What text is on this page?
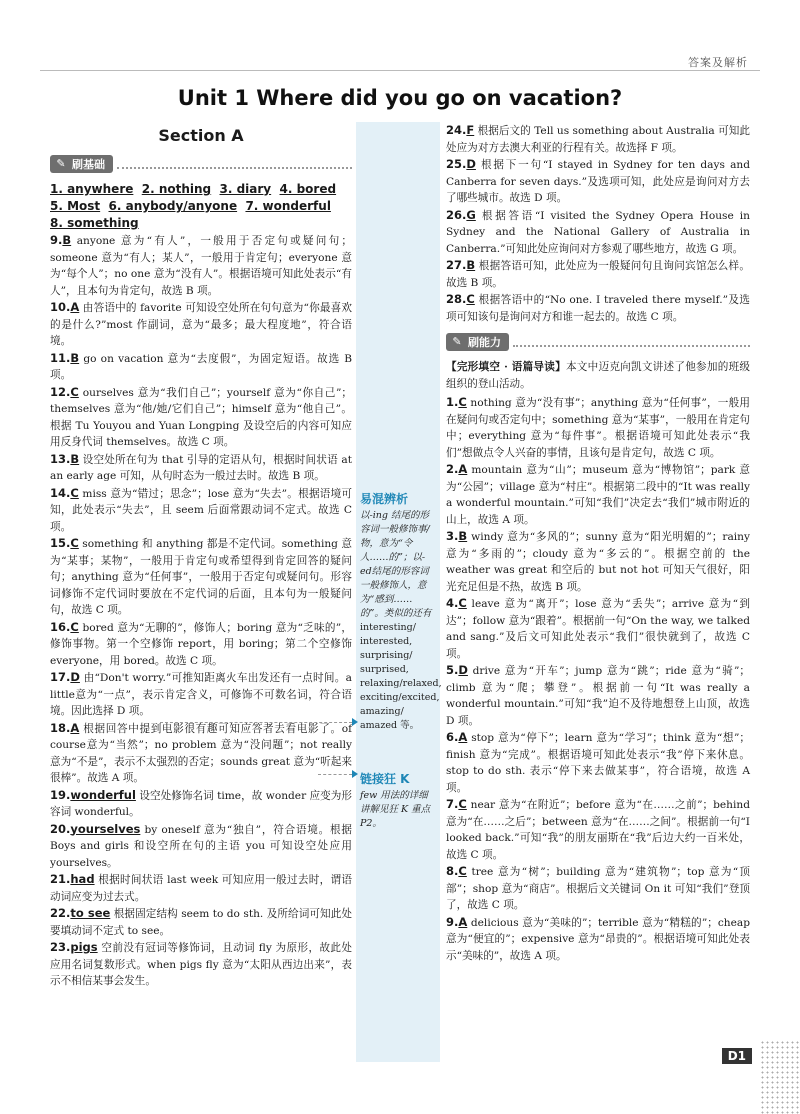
答案及解析
Unit 1 Where did you go on vacation?
Section A
✎ 刷基础
1. anywhere 2. nothing 3. diary 4. bored
5. Most 6. anybody/anyone 7. wonderful
8. something

9.B anyone 意为“有人”，一般用于否定句或疑问句；someone 意为“有人；某人”，一般用于肯定句；everyone 意为“每个人”；no one 意为“没有人”。根据语境可知此处表示“有人”，且本句为肯定句，故选 B 项。

10.A 由答语中的 favorite 可知设空处所在句句意为“你最喜欢的是什么?”most 作副词，意为“最多；最大程度地”，符合语境。

11.B go on vacation 意为“去度假”，为固定短语。故选 B 项。

12.C ourselves 意为“我们自己”；yourself 意为“你自己”；themselves 意为“他/她/它们自己”；himself 意为“他自己”。根据 Tu Youyou and Yuan Longping 及设空后的内容可知应用反身代词 themselves。故选 C 项。

13.B 设空处所在句为 that 引导的定语从句，根据时间状语 at an early age 可知，从句时态为一般过去时。故选 B 项。

14.C miss 意为“错过；思念”；lose 意为“失去”。根据语境可知，此处表示“失去”，且 seem 后面常跟动词不定式。故选 C 项。

15.C something 和 anything 都是不定代词。something 意为“某事；某物”，一般用于肯定句或希望得到肯定回答的疑问句；anything 意为“任何事”，一般用于否定句或疑问句。形容词修饰不定代词时要放在不定代词的后面，且本句为一般疑问句，故选 C 项。

16.C bored 意为“无聊的”，修饰人；boring 意为“乏味的”，修饰事物。第一个空修饰 report，用 boring；第二个空修饰 everyone，用 bored。故选 C 项。

17.D 由“Don't worry.”可推知距离火车出发还有一点时间。a little意为“一点”，表示肯定含义，可修饰不可数名词，符合语境。因此选择 D 项。

18.A 根据回答中提到电影很有趣可知应答者去看电影了。of course意为“当然”；no problem 意为“没问题”；not really 意为“不是”，表示不太强烈的否定；sounds great 意为“听起来很棒”。故选 A 项。

19.wonderful 设空处修饰名词 time，故 wonder 应变为形容词 wonderful。

20.yourselves by oneself 意为“独自”，符合语境。根据 Boys and girls 和设空所在句的主语 you 可知设空处应用 yourselves。

21.had 根据时间状语 last week 可知应用一般过去时，谓语动词应变为过去式。

22.to see 根据固定结构 seem to do sth. 及所给词可知此处要填动词不定式 to see。

23.pigs 空前没有冠词等修饰词，且动词 fly 为原形，故此处应用名词复数形式。when pigs fly 意为“太阳从西边出来”，表示不相信某事会发生。

易混辨析
以-ing 结尾的形容词一般修饰事/物，意为“令人……的”；以-ed结尾的形容词一般修饰人，意为“感到……的”。类似的还有
interesting/
interested,
surprising/
surprised,
relaxing/relaxed,
exciting/excited,
amazing/
amazed 等。
链接狂 K
few 用法的详细讲解见狂 K 重点 P2。

24.F 根据后文的 Tell us something about Australia 可知此处应为对方去澳大利亚的行程有关。故选择 F 项。

25.D 根据下一句“I stayed in Sydney for ten days and Canberra for seven days.”及选项可知，此处应是询问对方去了哪些城市。故选 D 项。

26.G 根据答语“I visited the Sydney Opera House in Sydney and the National Gallery of Australia in Canberra.”可知此处应询问对方参观了哪些地方，故选 G 项。

27.B 根据答语可知，此处应为一般疑问句且询问宾馆怎么样。故选 B 项。

28.C 根据答语中的“No one. I traveled there myself.”及选项可知该句是询问对方和谁一起去的。故选 C 项。

✎ 刷能力
【完形填空 · 语篇导读】本文中迈克向凯文讲述了他参加的班级组织的登山活动。

1.C nothing 意为“没有事”；anything 意为“任何事”，一般用在疑问句或否定句中；something 意为“某事”，一般用在肯定句中；everything 意为“每件事”。根据语境可知此处表示“我们”想做点令人兴奋的事情，且该句是肯定句，故选 C 项。

2.A mountain 意为“山”；museum 意为“博物馆”；park 意为“公园”；village 意为“村庄”。根据第二段中的“It was really a wonderful mountain.”可知“我们”决定去“我们”城市附近的山上，故选 A 项。

3.B windy 意为“多风的”；sunny 意为“阳光明媚的”；rainy 意为“多雨的”；cloudy 意为“多云的”。根据空前的 the weather was great 和空后的 but not hot 可知天气很好，阳光充足但是不热，故选 B 项。

4.C leave 意为“离开”；lose 意为“丢失”；arrive 意为“到达”；follow 意为“跟着”。根据前一句“On the way, we talked and sang.”及后文可知此处表示“我们”很快就到了，故选 C 项。

5.D drive 意为“开车”；jump 意为“跳”；ride 意为“骑”；climb 意为“爬；攀登”。根据前一句“It was really a wonderful mountain.”可知“我”迫不及待地想登上山顶，故选 D 项。

6.A stop 意为“停下”；learn 意为“学习”；think 意为“想”；finish 意为“完成”。根据语境可知此处表示“我”停下来休息。stop to do sth. 表示“停下来去做某事”，符合语境，故选 A 项。

7.C near 意为“在附近”；before 意为“在……之前”；behind 意为“在……之后”；between 意为“在……之间”。根据前一句“I looked back.”可知“我”的朋友丽斯在“我”后边大约一百米处，故选 C 项。

8.C tree 意为“树”；building 意为“建筑物”；top 意为“顶部”；shop 意为“商店”。根据后文关键词 On it 可知“我们”登顶了，故选 C 项。

9.A delicious 意为“美味的”；terrible 意为“精糕的”；cheap 意为“便宜的”；expensive 意为“昂贵的”。根据语境可知此处表示“美味的”，故选 A 项。

D1
